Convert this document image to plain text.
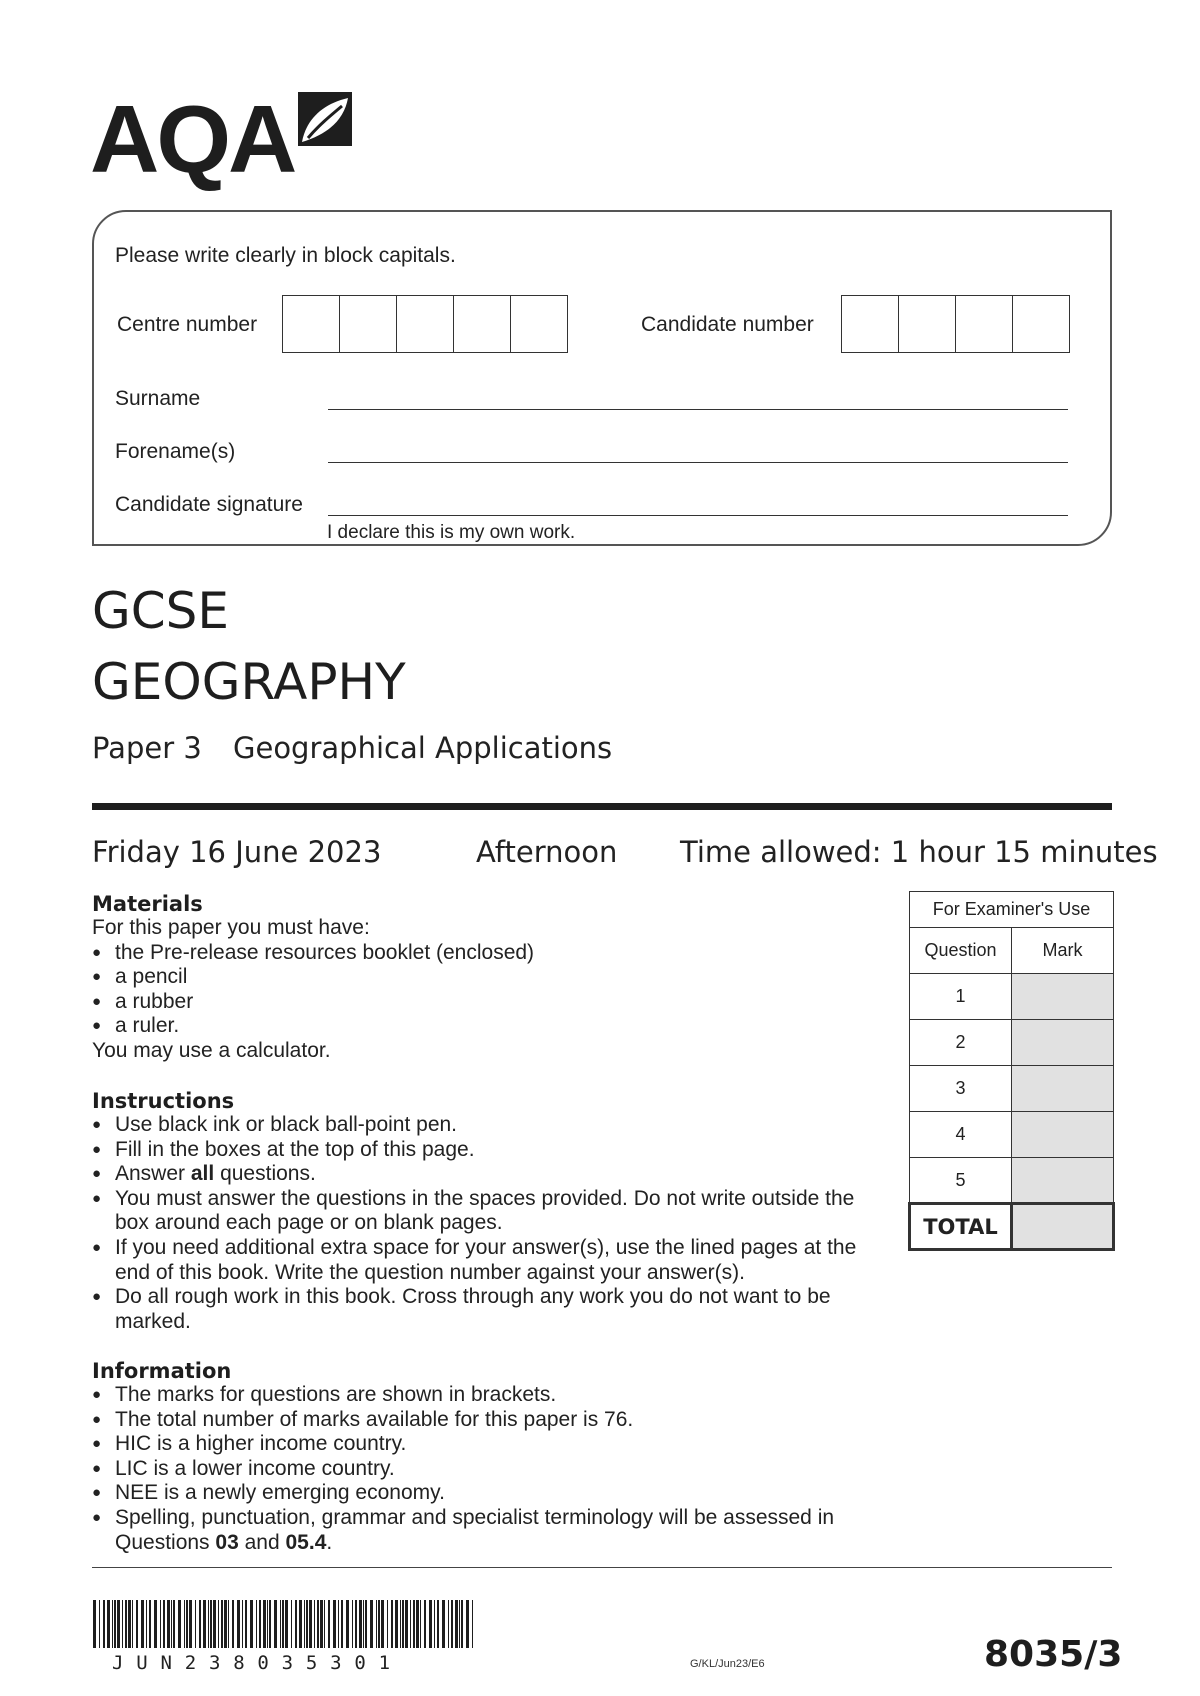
AQA
Please write clearly in block capitals.
Centre number	Candidate number
Surname
Forename(s)
Candidate signature
I declare this is my own work.
GCSE
GEOGRAPHY
Paper 3 Geographical Applications
Friday 16 June 2023	Afternoon Time allowed: 1 hour 15 minutes
Materials
For this paper you must have:
● the Pre-release resources booklet (enclosed)
● a pencil
● a rubber
● a ruler.
You may use a calculator.
Instructions
● Use black ink or black ball-point pen.
● Fill in the boxes at the top of this page.
● Answer all questions.
● You must answer the questions in the spaces provided. Do not write outside the box around each page or on blank pages.
● If you need additional extra space for your answer(s), use the lined pages at the end of this book. Write the question number against your answer(s).
● Do all rough work in this book. Cross through any work you do not want to be marked.
Information
● The marks for questions are shown in brackets.
● The total number of marks available for this paper is 76.
● HIC is a higher income country.
● LIC is a lower income country.
● NEE is a newly emerging economy.
● Spelling, punctuation, grammar and specialist terminology will be assessed in Questions 03 and 05.4.
For Examiner's Use	
Question	Mark
1	
2	
3	
4	
5	
TOTAL	
JUN238035301	G/KL/Jun23/E6	8035/3
